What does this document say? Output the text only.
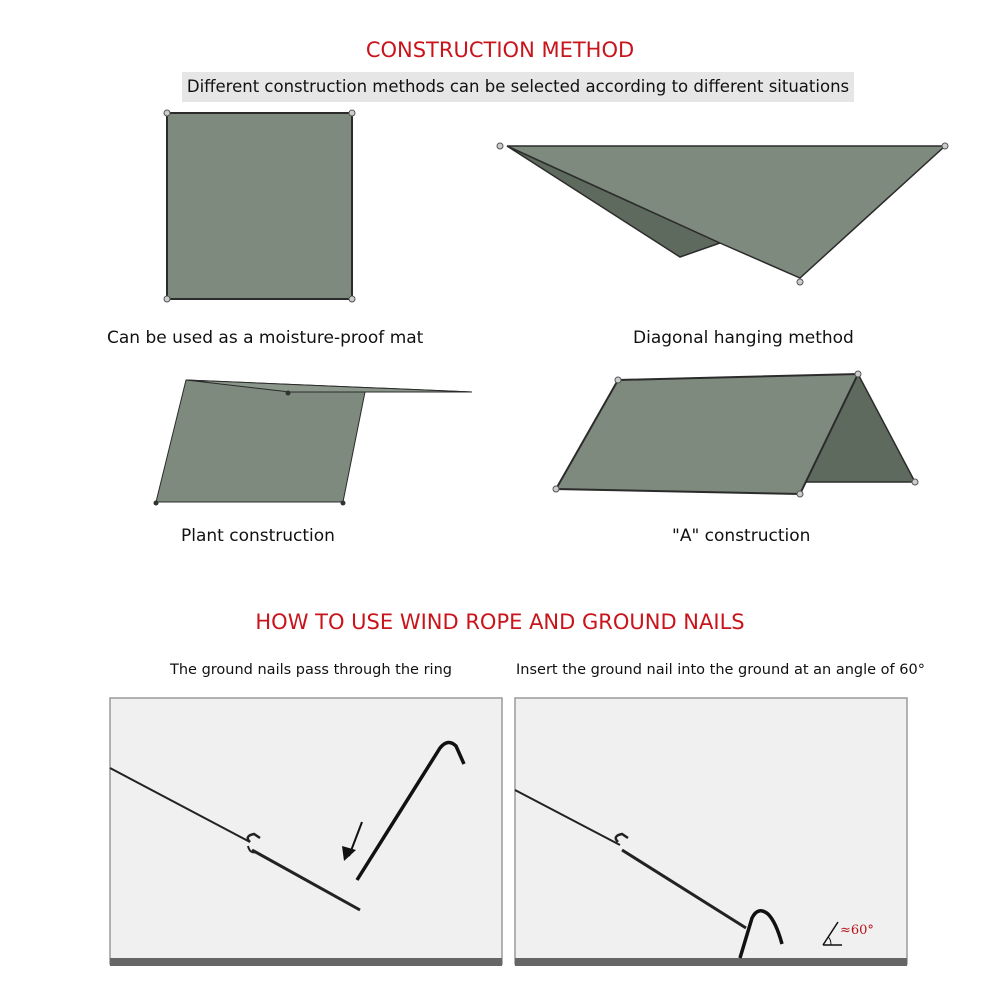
CONSTRUCTION METHOD
Different construction methods can be selected according to different situations
Can be used as a moisture-proof mat	Diagonal hanging method
Plant construction	"A" construction
HOW TO USE WIND ROPE AND GROUND NAILS
The ground nails pass through the ring	Insert the ground nail into the ground at an angle of 60°
≈60°
